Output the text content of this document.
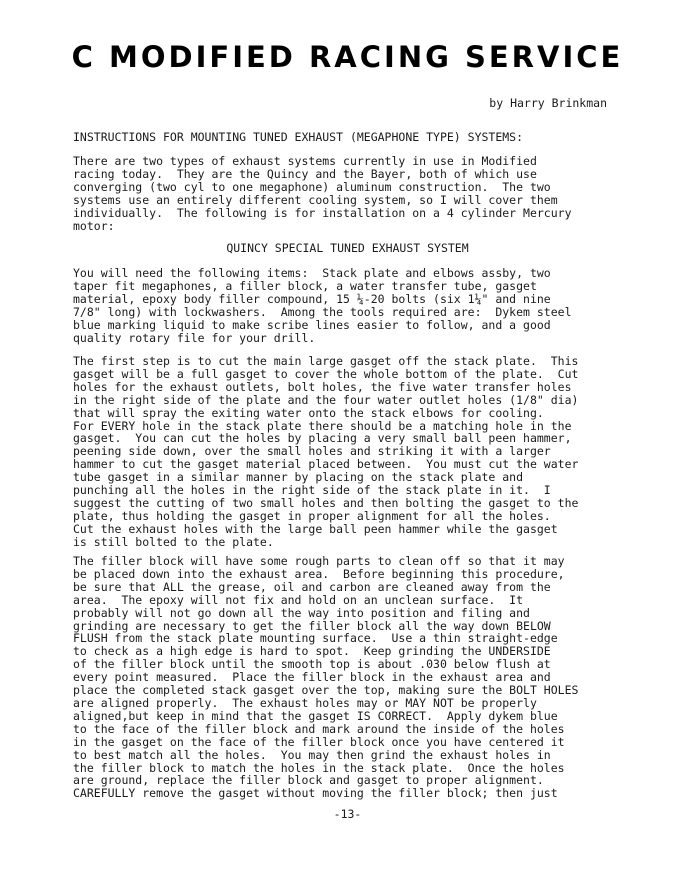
C MODIFIED RACING SERVICE

by Harry Brinkman

INSTRUCTIONS FOR MOUNTING TUNED EXHAUST (MEGAPHONE TYPE) SYSTEMS:

There are two types of exhaust systems currently in use in Modified
racing today.  They are the Quincy and the Bayer, both of which use
converging (two cyl to one megaphone) aluminum construction.  The two
systems use an entirely different cooling system, so I will cover them
individually.  The following is for installation on a 4 cylinder Mercury
motor:

QUINCY SPECIAL TUNED EXHAUST SYSTEM

You will need the following items:  Stack plate and elbows assby, two
taper fit megaphones, a filler block, a water transfer tube, gasget
material, epoxy body filler compound, 15 ¼-20 bolts (six 1¼" and nine
7/8" long) with lockwashers.  Among the tools required are:  Dykem steel
blue marking liquid to make scribe lines easier to follow, and a good
quality rotary file for your drill.
The first step is to cut the main large gasget off the stack plate.  This
gasget will be a full gasget to cover the whole bottom of the plate.  Cut
holes for the exhaust outlets, bolt holes, the five water transfer holes
in the right side of the plate and the four water outlet holes (1/8" dia)
that will spray the exiting water onto the stack elbows for cooling.
For EVERY hole in the stack plate there should be a matching hole in the
gasget.  You can cut the holes by placing a very small ball peen hammer,
peening side down, over the small holes and striking it with a larger
hammer to cut the gasget material placed between.  You must cut the water
tube gasget in a similar manner by placing on the stack plate and
punching all the holes in the right side of the stack plate in it.  I
suggest the cutting of two small holes and then bolting the gasget to the
plate, thus holding the gasget in proper alignment for all the holes.
Cut the exhaust holes with the large ball peen hammer while the gasget
is still bolted to the plate.
The filler block will have some rough parts to clean off so that it may
be placed down into the exhaust area.  Before beginning this procedure,
be sure that ALL the grease, oil and carbon are cleaned away from the
area.  The epoxy will not fix and hold on an unclean surface.  It
probably will not go down all the way into position and filing and
grinding are necessary to get the filler block all the way down BELOW
FLUSH from the stack plate mounting surface.  Use a thin straight-edge
to check as a high edge is hard to spot.  Keep grinding the UNDERSIDE
of the filler block until the smooth top is about .030 below flush at
every point measured.  Place the filler block in the exhaust area and
place the completed stack gasget over the top, making sure the BOLT HOLES
are aligned properly.  The exhaust holes may or MAY NOT be properly
aligned,but keep in mind that the gasget IS CORRECT.  Apply dykem blue
to the face of the filler block and mark around the inside of the holes
in the gasget on the face of the filler block once you have centered it
to best match all the holes.  You may then grind the exhaust holes in
the filler block to match the holes in the stack plate.  Once the holes
are ground, replace the filler block and gasget to proper alignment.
CAREFULLY remove the gasget without moving the filler block; then just

-13-
